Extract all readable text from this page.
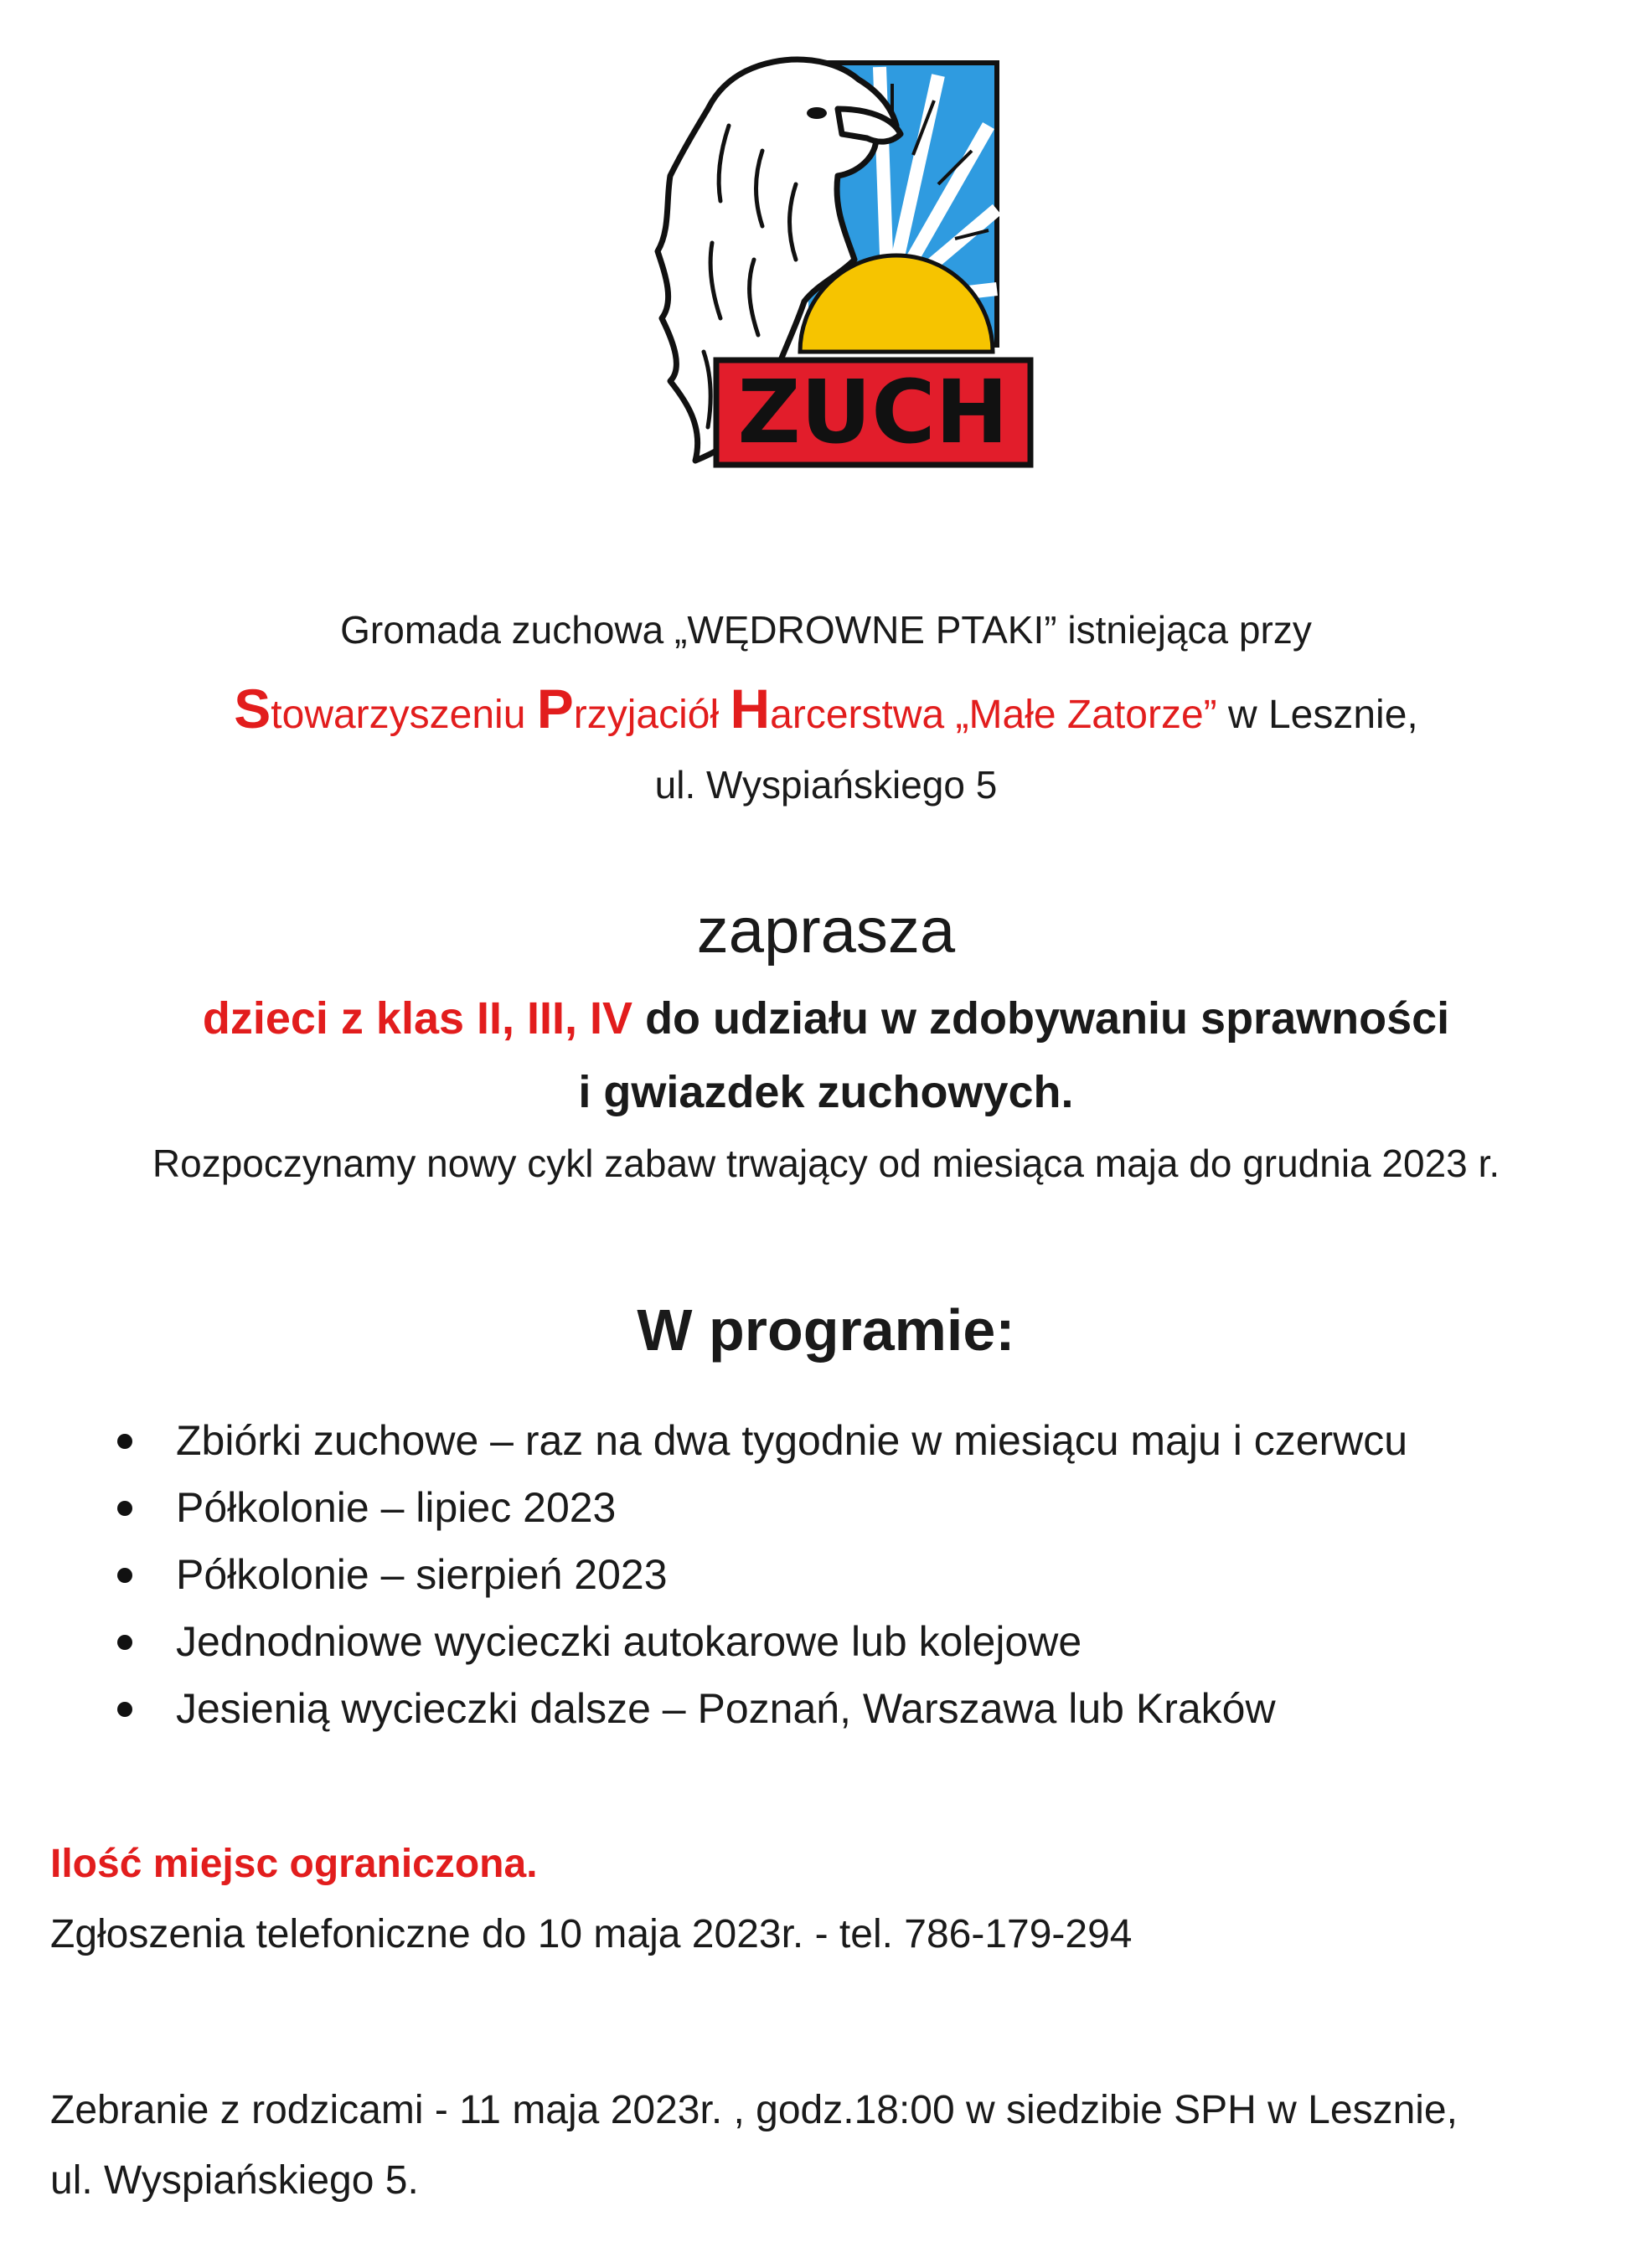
ZUCH
Gromada zuchowa „WĘDROWNE PTAKI” istniejąca przy
Stowarzyszeniu Przyjaciół Harcerstwa „Małe Zatorze” w Lesznie,
ul. Wyspiańskiego 5
zaprasza
dzieci z klas II, III, IV do udziału w zdobywaniu sprawności
i gwiazdek zuchowych.
Rozpoczynamy nowy cykl zabaw trwający od miesiąca maja do grudnia 2023 r.
W programie:
Zbiórki zuchowe – raz na dwa tygodnie w miesiącu maju i czerwcu
Półkolonie – lipiec 2023
Półkolonie – sierpień 2023
Jednodniowe wycieczki autokarowe lub kolejowe
Jesienią wycieczki dalsze – Poznań, Warszawa lub Kraków
Ilość miejsc ograniczona.
Zgłoszenia telefoniczne do 10 maja 2023r. - tel. 786-179-294
Zebranie z rodzicami - 11 maja 2023r. , godz.18:00 w siedzibie SPH w Lesznie,
ul. Wyspiańskiego 5.
